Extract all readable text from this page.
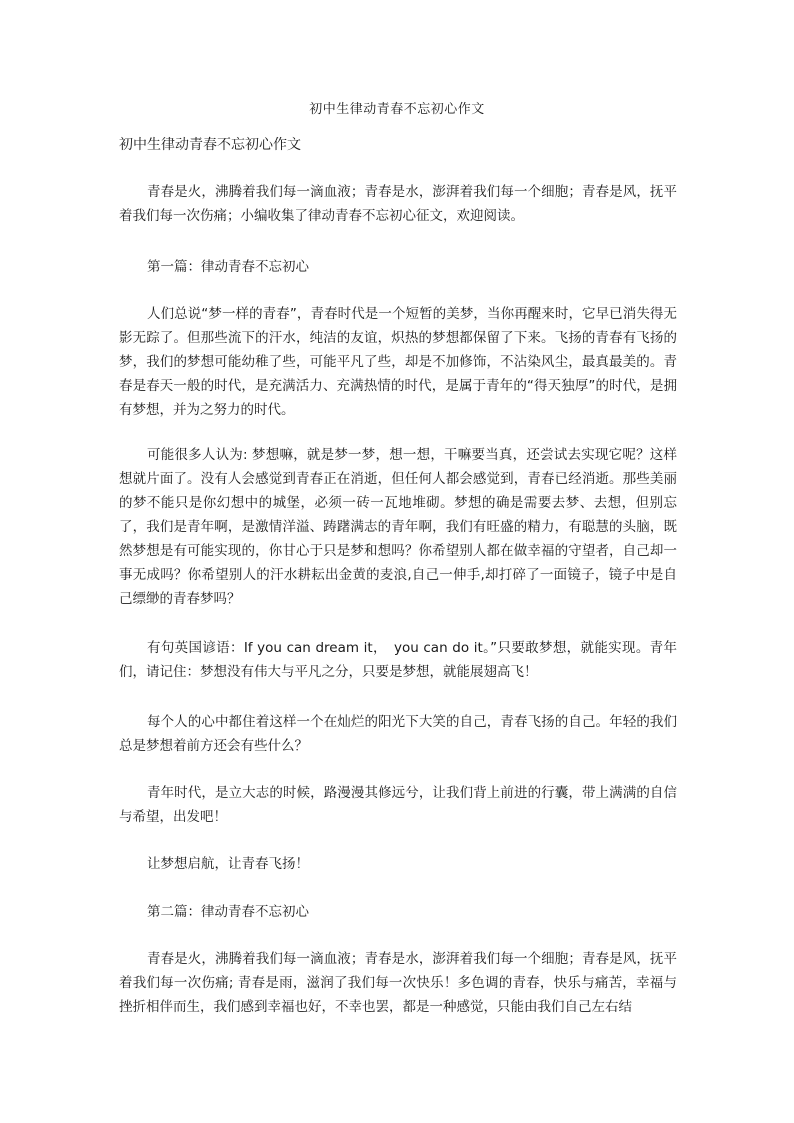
初中生律动青春不忘初心作文
初中生律动青春不忘初心作文

青春是火，沸腾着我们每一滴血液；青春是水，澎湃着我们每一个细胞；青春是风，抚平着我们每一次伤痛；小编收集了律动青春不忘初心征文，欢迎阅读。

第一篇：律动青春不忘初心

人们总说“梦一样的青春”，青春时代是一个短暂的美梦，当你再醒来时，它早已消失得无影无踪了。但那些流下的汗水，纯洁的友谊，炽热的梦想都保留了下来。飞扬的青春有飞扬的梦，我们的梦想可能幼稚了些，可能平凡了些，却是不加修饰，不沾染风尘，最真最美的。青春是春天一般的时代，是充满活力、充满热情的时代，是属于青年的“得天独厚”的时代，是拥有梦想，并为之努力的时代。

可能很多人认为: 梦想嘛，就是梦一梦，想一想，干嘛要当真，还尝试去实现它呢？这样想就片面了。没有人会感觉到青春正在消逝，但任何人都会感觉到，青春已经消逝。那些美丽的梦不能只是你幻想中的城堡，必须一砖一瓦地堆砌。梦想的确是需要去梦、去想，但别忘了，我们是青年啊，是激情洋溢、踌躇满志的青年啊，我们有旺盛的精力，有聪慧的头脑，既然梦想是有可能实现的，你甘心于只是梦和想吗？你希望别人都在做幸福的守望者，自己却一事无成吗？你希望别人的汗水耕耘出金黄的麦浪,自己一伸手,却打碎了一面镜子，镜子中是自己缥缈的青春梦吗？

有句英国谚语：If you can dream it，　you can do it。”只要敢梦想，就能实现。青年们，请记住：梦想没有伟大与平凡之分，只要是梦想，就能展翅高飞！

每个人的心中都住着这样一个在灿烂的阳光下大笑的自己，青春飞扬的自己。年轻的我们总是梦想着前方还会有些什么？

青年时代，是立大志的时候，路漫漫其修远兮，让我们背上前进的行囊，带上满满的自信与希望，出发吧！

让梦想启航，让青春飞扬！

第二篇：律动青春不忘初心

青春是火，沸腾着我们每一滴血液；青春是水，澎湃着我们每一个细胞；青春是风，抚平着我们每一次伤痛; 青春是雨，滋润了我们每一次快乐！多色调的青春，快乐与痛苦，幸福与挫折相伴而生，我们感到幸福也好，不幸也罢，都是一种感觉，只能由我们自己左右结
